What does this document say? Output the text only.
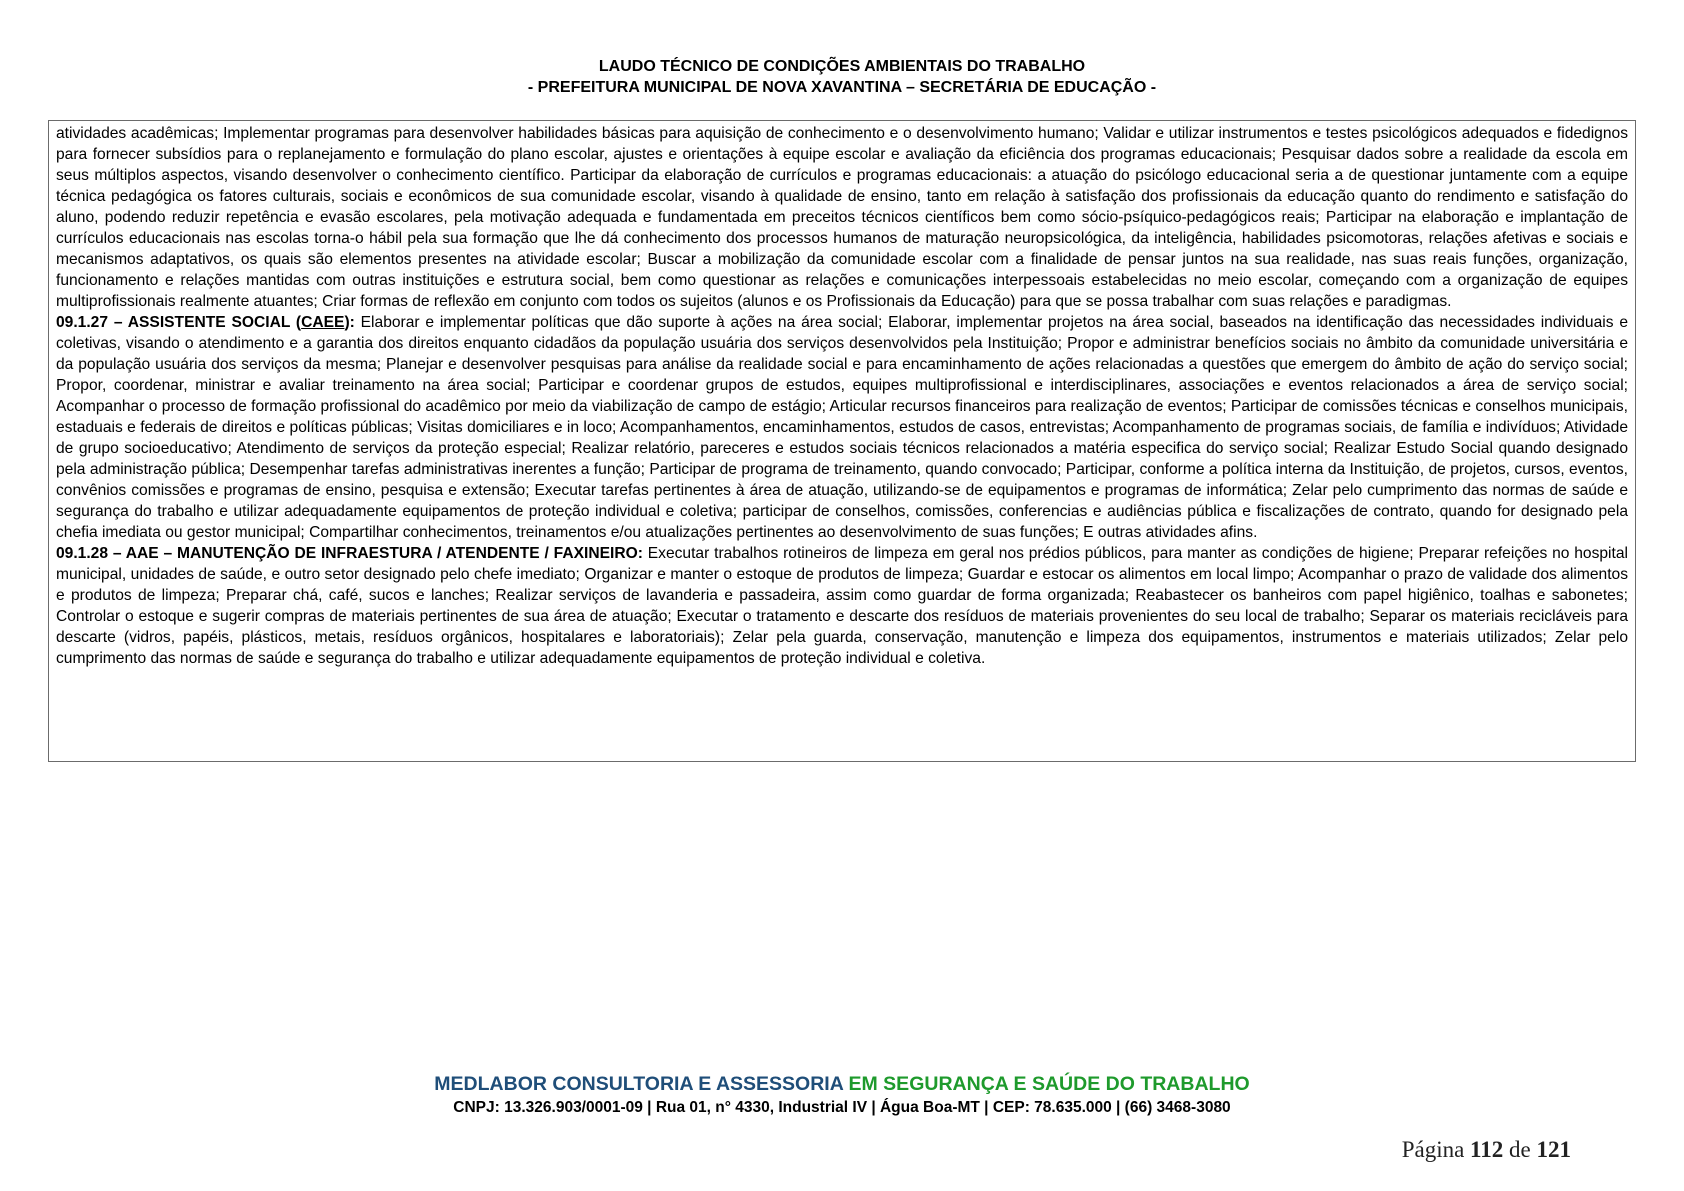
LAUDO TÉCNICO DE CONDIÇÕES AMBIENTAIS DO TRABALHO
- PREFEITURA MUNICIPAL DE NOVA XAVANTINA – SECRETÁRIA DE EDUCAÇÃO -

atividades acadêmicas; Implementar programas para desenvolver habilidades básicas para aquisição de conhecimento e o desenvolvimento humano; Validar e utilizar instrumentos e testes psicológicos adequados e fidedignos para fornecer subsídios para o replanejamento e formulação do plano escolar, ajustes e orientações à equipe escolar e avaliação da eficiência dos programas educacionais; Pesquisar dados sobre a realidade da escola em seus múltiplos aspectos, visando desenvolver o conhecimento científico. Participar da elaboração de currículos e programas educacionais: a atuação do psicólogo educacional seria a de questionar juntamente com a equipe técnica pedagógica os fatores culturais, sociais e econômicos de sua comunidade escolar, visando à qualidade de ensino, tanto em relação à satisfação dos profissionais da educação quanto do rendimento e satisfação do aluno, podendo reduzir repetência e evasão escolares, pela motivação adequada e fundamentada em preceitos técnicos científicos bem como sócio-psíquico-pedagógicos reais; Participar na elaboração e implantação de currículos educacionais nas escolas torna-o hábil pela sua formação que lhe dá conhecimento dos processos humanos de maturação neuropsicológica, da inteligência, habilidades psicomotoras, relações afetivas e sociais e mecanismos adaptativos, os quais são elementos presentes na atividade escolar; Buscar a mobilização da comunidade escolar com a finalidade de pensar juntos na sua realidade, nas suas reais funções, organização, funcionamento e relações mantidas com outras instituições e estrutura social, bem como questionar as relações e comunicações interpessoais estabelecidas no meio escolar, começando com a organização de equipes multiprofissionais realmente atuantes; Criar formas de reflexão em conjunto com todos os sujeitos (alunos e os Profissionais da Educação) para que se possa trabalhar com suas relações e paradigmas.

09.1.27 – ASSISTENTE SOCIAL (CAEE): Elaborar e implementar políticas que dão suporte à ações na área social; Elaborar, implementar projetos na área social, baseados na identificação das necessidades individuais e coletivas, visando o atendimento e a garantia dos direitos enquanto cidadãos da população usuária dos serviços desenvolvidos pela Instituição; Propor e administrar benefícios sociais no âmbito da comunidade universitária e da população usuária dos serviços da mesma; Planejar e desenvolver pesquisas para análise da realidade social e para encaminhamento de ações relacionadas a questões que emergem do âmbito de ação do serviço social; Propor, coordenar, ministrar e avaliar treinamento na área social; Participar e coordenar grupos de estudos, equipes multiprofissional e interdisciplinares, associações e eventos relacionados a área de serviço social; Acompanhar o processo de formação profissional do acadêmico por meio da viabilização de campo de estágio; Articular recursos financeiros para realização de eventos; Participar de comissões técnicas e conselhos municipais, estaduais e federais de direitos e políticas públicas; Visitas domiciliares e in loco; Acompanhamentos, encaminhamentos, estudos de casos, entrevistas; Acompanhamento de programas sociais, de família e indivíduos; Atividade de grupo socioeducativo; Atendimento de serviços da proteção especial; Realizar relatório, pareceres e estudos sociais técnicos relacionados a matéria especifica do serviço social; Realizar Estudo Social quando designado pela administração pública; Desempenhar tarefas administrativas inerentes a função; Participar de programa de treinamento, quando convocado; Participar, conforme a política interna da Instituição, de projetos, cursos, eventos, convênios comissões e programas de ensino, pesquisa e extensão; Executar tarefas pertinentes à área de atuação, utilizando-se de equipamentos e programas de informática; Zelar pelo cumprimento das normas de saúde e segurança do trabalho e utilizar adequadamente equipamentos de proteção individual e coletiva; participar de conselhos, comissões, conferencias e audiências pública e fiscalizações de contrato, quando for designado pela chefia imediata ou gestor municipal; Compartilhar conhecimentos, treinamentos e/ou atualizações pertinentes ao desenvolvimento de suas funções; E outras atividades afins.

09.1.28 – AAE – MANUTENÇÃO DE INFRAESTURA / ATENDENTE / FAXINEIRO: Executar trabalhos rotineiros de limpeza em geral nos prédios públicos, para manter as condições de higiene; Preparar refeições no hospital municipal, unidades de saúde, e outro setor designado pelo chefe imediato; Organizar e manter o estoque de produtos de limpeza; Guardar e estocar os alimentos em local limpo; Acompanhar o prazo de validade dos alimentos e produtos de limpeza; Preparar chá, café, sucos e lanches; Realizar serviços de lavanderia e passadeira, assim como guardar de forma organizada; Reabastecer os banheiros com papel higiênico, toalhas e sabonetes; Controlar o estoque e sugerir compras de materiais pertinentes de sua área de atuação; Executar o tratamento e descarte dos resíduos de materiais provenientes do seu local de trabalho; Separar os materiais recicláveis para descarte (vidros, papéis, plásticos, metais, resíduos orgânicos, hospitalares e laboratoriais); Zelar pela guarda, conservação, manutenção e limpeza dos equipamentos, instrumentos e materiais utilizados; Zelar pelo cumprimento das normas de saúde e segurança do trabalho e utilizar adequadamente equipamentos de proteção individual e coletiva.

MEDLABOR CONSULTORIA E ASSESSORIA EM SEGURANÇA E SAÚDE DO TRABALHO
CNPJ: 13.326.903/0001-09 | Rua 01, n° 4330, Industrial IV | Água Boa-MT | CEP: 78.635.000 | (66) 3468-3080
Página 112 de 121
